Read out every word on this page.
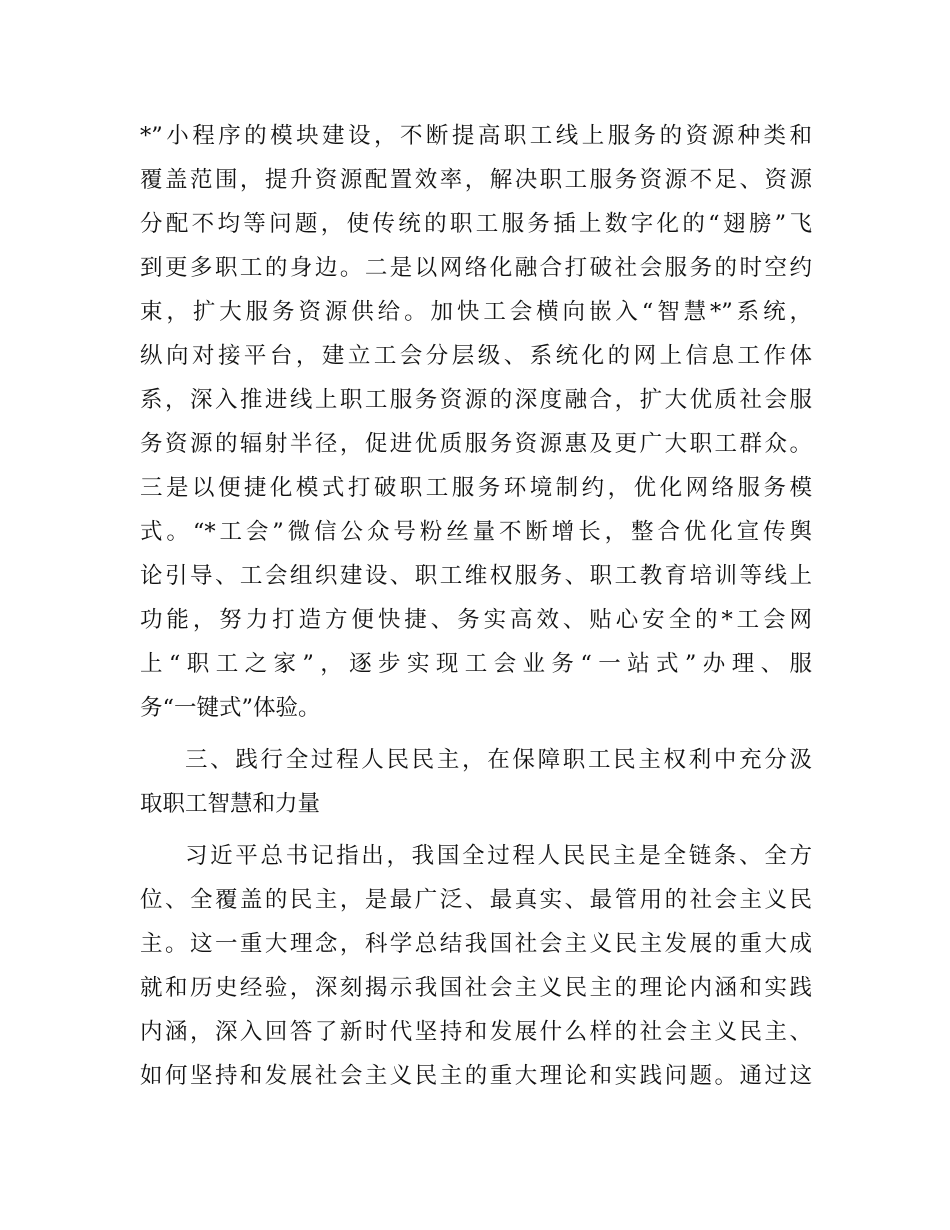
*”小程序的模块建设，不断提高职工线上服务的资源种类和
覆盖范围，提升资源配置效率，解决职工服务资源不足、资源
分配不均等问题，使传统的职工服务插上数字化的“翅膀”飞
到更多职工的身边。二是以网络化融合打破社会服务的时空约
束，扩大服务资源供给。加快工会横向嵌入“智慧*”系统，
纵向对接平台，建立工会分层级、系统化的网上信息工作体
系，深入推进线上职工服务资源的深度融合，扩大优质社会服
务资源的辐射半径，促进优质服务资源惠及更广大职工群众。
三是以便捷化模式打破职工服务环境制约，优化网络服务模
式。“*工会”微信公众号粉丝量不断增长，整合优化宣传舆
论引导、工会组织建设、职工维权服务、职工教育培训等线上
功能，努力打造方便快捷、务实高效、贴心安全的*工会网
上“职工之家”，逐步实现工会业务“一站式”办理、服
务“一键式”体验。
三、践行全过程人民民主，在保障职工民主权利中充分汲
取职工智慧和力量
习近平总书记指出，我国全过程人民民主是全链条、全方
位、全覆盖的民主，是最广泛、最真实、最管用的社会主义民
主。这一重大理念，科学总结我国社会主义民主发展的重大成
就和历史经验，深刻揭示我国社会主义民主的理论内涵和实践
内涵，深入回答了新时代坚持和发展什么样的社会主义民主、
如何坚持和发展社会主义民主的重大理论和实践问题。通过这
